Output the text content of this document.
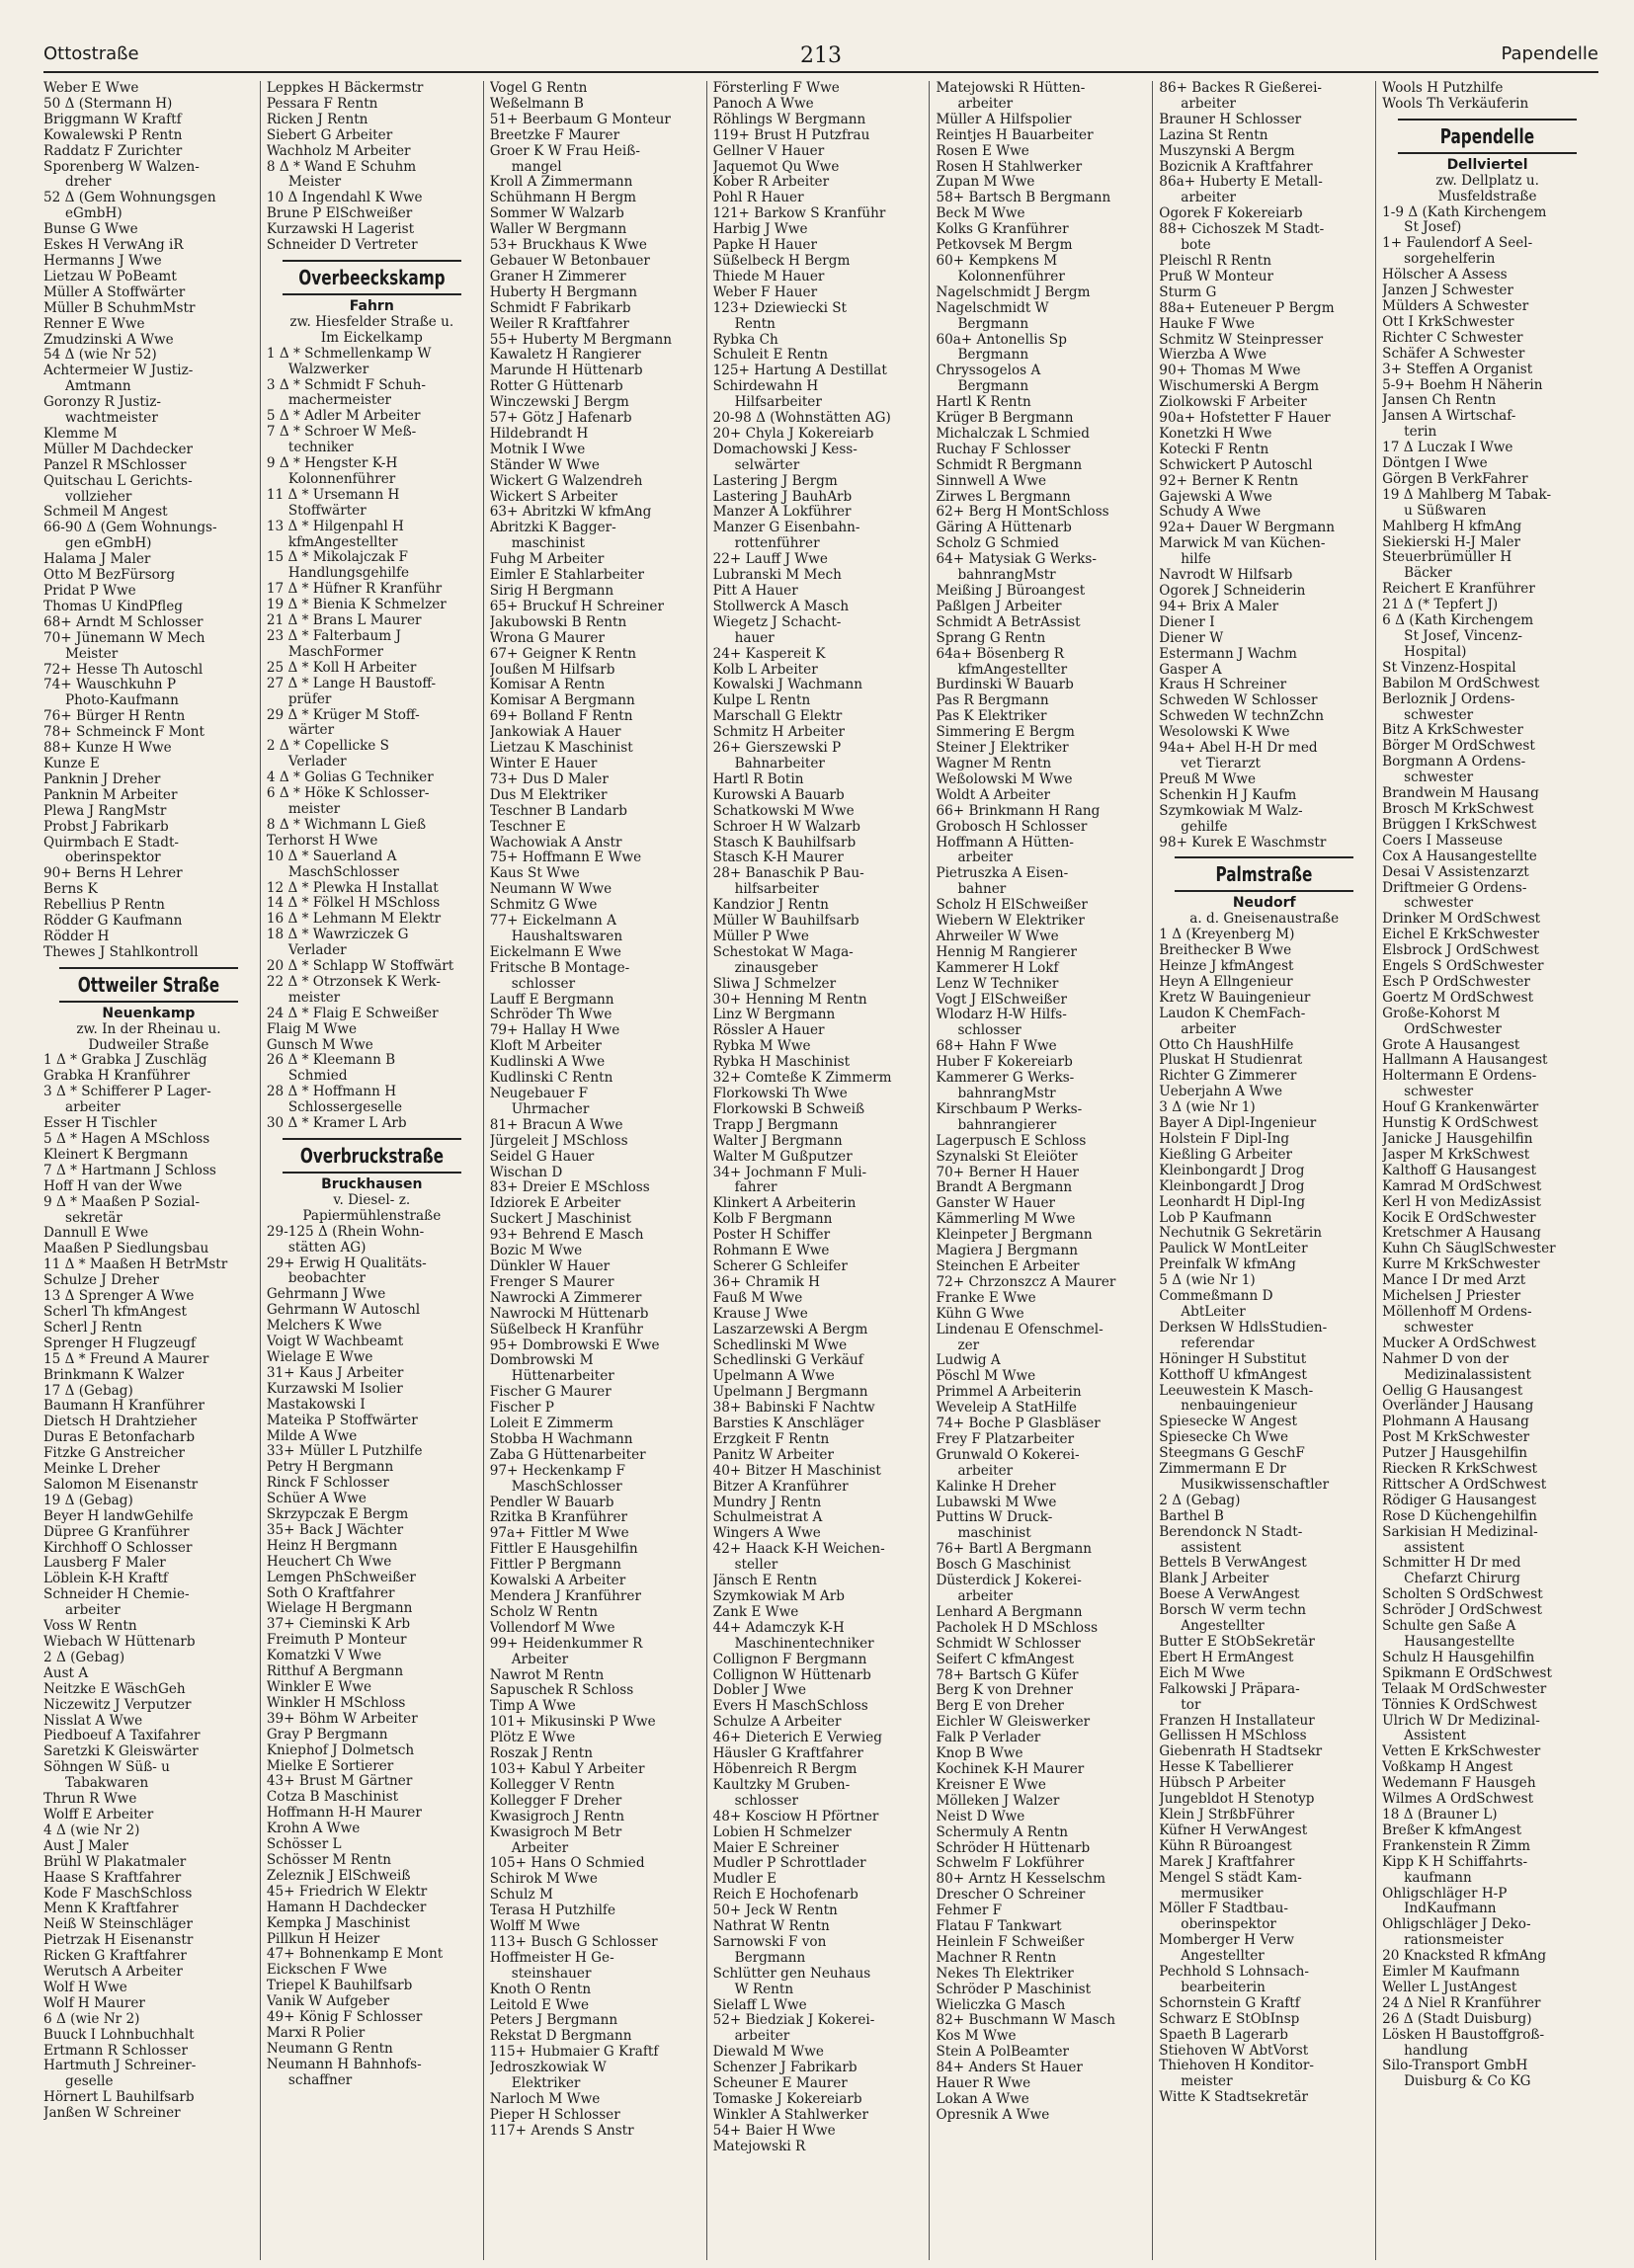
Ottostraße	213	Papendelle
Weber E Wwe
50 Δ (Stermann H)
Briggmann W Kraftf
Kowalewski P Rentn
Raddatz F Zurichter
Sporenberg W Walzen-
dreher
52 Δ (Gem Wohnungsgen
eGmbH)
Bunse G Wwe
Eskes H VerwAng iR
Hermanns J Wwe
Lietzau W PoBeamt
Müller A Stoffwärter
Müller B SchuhmMstr
Renner E Wwe
Zmudzinski A Wwe
54 Δ (wie Nr 52)
Achtermeier W Justiz-
Amtmann
Goronzy R Justiz-
wachtmeister
Klemme M
Müller M Dachdecker
Panzel R MSchlosser
Quitschau L Gerichts-
vollzieher
Schmeil M Angest
66-90 Δ (Gem Wohnungs-
gen eGmbH)
Halama J Maler
Otto M BezFürsorg
Pridat P Wwe
Thomas U KindPfleg
68+ Arndt M Schlosser
70+ Jünemann W Mech
Meister
72+ Hesse Th Autoschl
74+ Wauschkuhn P
Photo-Kaufmann
76+ Bürger H Rentn
78+ Schmeinck F Mont
88+ Kunze H Wwe
Kunze E
Panknin J Dreher
Panknin M Arbeiter
Plewa J RangMstr
Probst J Fabrikarb
Quirmbach E Stadt-
oberinspektor
90+ Berns H Lehrer
Berns K
Rebellius P Rentn
Rödder G Kaufmann
Rödder H
Thewes J Stahlkontroll
Ottweiler Straße
Neuenkamp
zw. In der Rheinau u.
Dudweiler Straße
1 Δ * Grabka J Zuschläg
Grabka H Kranführer
3 Δ * Schifferer P Lager-
arbeiter
Esser H Tischler
5 Δ * Hagen A MSchloss
Kleinert K Bergmann
7 Δ * Hartmann J Schloss
Hoff H van der Wwe
9 Δ * Maaßen P Sozial-
sekretär
Dannull E Wwe
Maaßen P Siedlungsbau
11 Δ * Maaßen H BetrMstr
Schulze J Dreher
13 Δ Sprenger A Wwe
Scherl Th kfmAngest
Scherl J Rentn
Sprenger H Flugzeugf
15 Δ * Freund A Maurer
Brinkmann K Walzer
17 Δ (Gebag)
Baumann H Kranführer
Dietsch H Drahtzieher
Duras E Betonfacharb
Fitzke G Anstreicher
Meinke L Dreher
Salomon M Eisenanstr
19 Δ (Gebag)
Beyer H landwGehilfe
Düpree G Kranführer
Kirchhoff O Schlosser
Lausberg F Maler
Löblein K-H Kraftf
Schneider H Chemie-
arbeiter
Voss W Rentn
Wiebach W Hüttenarb
2 Δ (Gebag)
Aust A
Neitzke E WäschGeh
Niczewitz J Verputzer
Nisslat A Wwe
Piedboeuf A Taxifahrer
Saretzki K Gleiswärter
Söhngen W Süß- u
Tabakwaren
Thrun R Wwe
Wolff E Arbeiter
4 Δ (wie Nr 2)
Aust J Maler
Brühl W Plakatmaler
Haase S Kraftfahrer
Kode F MaschSchloss
Menn K Kraftfahrer
Neiß W Steinschläger
Pietrzak H Eisenanstr
Ricken G Kraftfahrer
Werutsch A Arbeiter
Wolf H Wwe
Wolf H Maurer
6 Δ (wie Nr 2)
Buuck I Lohnbuchhalt
Ertmann R Schlosser
Hartmuth J Schreiner-
geselle
Hörnert L Bauhilfsarb
Janßen W Schreiner
Leppkes H Bäckermstr
Pessara F Rentn
Ricken J Rentn
Siebert G Arbeiter
Wachholz M Arbeiter
8 Δ * Wand E Schuhm
Meister
10 Δ Ingendahl K Wwe
Brune P ElSchweißer
Kurzawski H Lagerist
Schneider D Vertreter
Overbeeckskamp
Fahrn
zw. Hiesfelder Straße u.
Im Eickelkamp
1 Δ * Schmellenkamp W
Walzwerker
3 Δ * Schmidt F Schuh-
machermeister
5 Δ * Adler M Arbeiter
7 Δ * Schroer W Meß-
techniker
9 Δ * Hengster K-H
Kolonnenführer
11 Δ * Ursemann H
Stoffwärter
13 Δ * Hilgenpahl H
kfmAngestellter
15 Δ * Mikolajczak F
Handlungsgehilfe
17 Δ * Hüfner R Kranführ
19 Δ * Bienia K Schmelzer
21 Δ * Brans L Maurer
23 Δ * Falterbaum J
MaschFormer
25 Δ * Koll H Arbeiter
27 Δ * Lange H Baustoff-
prüfer
29 Δ * Krüger M Stoff-
wärter
2 Δ * Copellicke S
Verlader
4 Δ * Golias G Techniker
6 Δ * Höke K Schlosser-
meister
8 Δ * Wichmann L Gieß
Terhorst H Wwe
10 Δ * Sauerland A
MaschSchlosser
12 Δ * Plewka H Installat
14 Δ * Fölkel H MSchloss
16 Δ * Lehmann M Elektr
18 Δ * Wawrziczek G
Verlader
20 Δ * Schlapp W Stoffwärt
22 Δ * Otrzonsek K Werk-
meister
24 Δ * Flaig E Schweißer
Flaig M Wwe
Gunsch M Wwe
26 Δ * Kleemann B
Schmied
28 Δ * Hoffmann H
Schlossergeselle
30 Δ * Kramer L Arb
Overbruckstraße
Bruckhausen
v. Diesel- z.
Papiermühlenstraße
29-125 Δ (Rhein Wohn-
stätten AG)
29+ Erwig H Qualitäts-
beobachter
Gehrmann J Wwe
Gehrmann W Autoschl
Melchers K Wwe
Voigt W Wachbeamt
Wielage E Wwe
31+ Kaus J Arbeiter
Kurzawski M Isolier
Mastakowski I
Mateika P Stoffwärter
Milde A Wwe
33+ Müller L Putzhilfe
Petry H Bergmann
Rinck F Schlosser
Schüer A Wwe
Skrzypczak E Bergm
35+ Back J Wächter
Heinz H Bergmann
Heuchert Ch Wwe
Lemgen PhSchweißer
Soth O Kraftfahrer
Wielage H Bergmann
37+ Cieminski K Arb
Freimuth P Monteur
Komatzki V Wwe
Ritthuf A Bergmann
Winkler E Wwe
Winkler H MSchloss
39+ Böhm W Arbeiter
Gray P Bergmann
Kniephof J Dolmetsch
Mielke E Sortierer
43+ Brust M Gärtner
Cotza B Maschinist
Hoffmann H-H Maurer
Krohn A Wwe
Schösser L
Schösser M Rentn
Zeleznik J ElSchweiß
45+ Friedrich W Elektr
Hamann H Dachdecker
Kempka J Maschinist
Pillkun H Heizer
47+ Bohnenkamp E Mont
Eickschen F Wwe
Triepel K Bauhilfsarb
Vanik W Aufgeber
49+ König F Schlosser
Marxi R Polier
Neumann G Rentn
Neumann H Bahnhofs-
schaffner
Vogel G Rentn
Weßelmann B
51+ Beerbaum G Monteur
Breetzke F Maurer
Groer K W Frau Heiß-
mangel
Kroll A Zimmermann
Schühmann H Bergm
Sommer W Walzarb
Waller W Bergmann
53+ Bruckhaus K Wwe
Gebauer W Betonbauer
Graner H Zimmerer
Huberty H Bergmann
Schmidt F Fabrikarb
Weiler R Kraftfahrer
55+ Huberty M Bergmann
Kawaletz H Rangierer
Marunde H Hüttenarb
Rotter G Hüttenarb
Winczewski J Bergm
57+ Götz J Hafenarb
Hildebrandt H
Motnik I Wwe
Ständer W Wwe
Wickert G Walzendreh
Wickert S Arbeiter
63+ Abritzki W kfmAng
Abritzki K Bagger-
maschinist
Fuhg M Arbeiter
Eimler E Stahlarbeiter
Sirig H Bergmann
65+ Bruckuf H Schreiner
Jakubowski B Rentn
Wrona G Maurer
67+ Geigner K Rentn
Joußen M Hilfsarb
Komisar A Rentn
Komisar A Bergmann
69+ Bolland F Rentn
Jankowiak A Hauer
Lietzau K Maschinist
Winter E Hauer
73+ Dus D Maler
Dus M Elektriker
Teschner B Landarb
Teschner E
Wachowiak A Anstr
75+ Hoffmann E Wwe
Kaus St Wwe
Neumann W Wwe
Schmitz G Wwe
77+ Eickelmann A
Haushaltswaren
Eickelmann E Wwe
Fritsche B Montage-
schlosser
Lauff E Bergmann
Schröder Th Wwe
79+ Hallay H Wwe
Kloft M Arbeiter
Kudlinski A Wwe
Kudlinski C Rentn
Neugebauer F
Uhrmacher
81+ Bracun A Wwe
Jürgeleit J MSchloss
Seidel G Hauer
Wischan D
83+ Dreier E MSchloss
Idziorek E Arbeiter
Suckert J Maschinist
93+ Behrend E Masch
Bozic M Wwe
Dünkler W Hauer
Frenger S Maurer
Nawrocki A Zimmerer
Nawrocki M Hüttenarb
Süßelbeck H Kranführ
95+ Dombrowski E Wwe
Dombrowski M
Hüttenarbeiter
Fischer G Maurer
Fischer P
Loleit E Zimmerm
Stobba H Wachmann
Zaba G Hüttenarbeiter
97+ Heckenkamp F
MaschSchlosser
Pendler W Bauarb
Rzitka B Kranführer
97a+ Fittler M Wwe
Fittler E Hausgehilfin
Fittler P Bergmann
Kowalski A Arbeiter
Mendera J Kranführer
Scholz W Rentn
Vollendorf M Wwe
99+ Heidenkummer R
Arbeiter
Nawrot M Rentn
Sapuschek R Schloss
Timp A Wwe
101+ Mikusinski P Wwe
Plötz E Wwe
Roszak J Rentn
103+ Kabul Y Arbeiter
Kollegger V Rentn
Kollegger F Dreher
Kwasigroch J Rentn
Kwasigroch M Betr
Arbeiter
105+ Hans O Schmied
Schirok M Wwe
Schulz M
Terasa H Putzhilfe
Wolff M Wwe
113+ Busch G Schlosser
Hoffmeister H Ge-
steinshauer
Knoth O Rentn
Leitold E Wwe
Peters J Bergmann
Rekstat D Bergmann
115+ Hubmaier G Kraftf
Jedroszkowiak W
Elektriker
Narloch M Wwe
Pieper H Schlosser
117+ Arends S Anstr
Försterling F Wwe
Panoch A Wwe
Röhlings W Bergmann
119+ Brust H Putzfrau
Gellner V Hauer
Jaquemot Qu Wwe
Kober R Arbeiter
Pohl R Hauer
121+ Barkow S Kranführ
Harbig J Wwe
Papke H Hauer
Süßelbeck H Bergm
Thiede M Hauer
Weber F Hauer
123+ Dziewiecki St
Rentn
Rybka Ch
Schuleit E Rentn
125+ Hartung A Destillat
Schirdewahn H
Hilfsarbeiter
20-98 Δ (Wohnstätten AG)
20+ Chyla J Kokereiarb
Domachowski J Kess-
selwärter
Lastering J Bergm
Lastering J BauhArb
Manzer A Lokführer
Manzer G Eisenbahn-
rottenführer
22+ Lauff J Wwe
Lubranski M Mech
Pitt A Hauer
Stollwerck A Masch
Wiegetz J Schacht-
hauer
24+ Kaspereit K
Kolb L Arbeiter
Kowalski J Wachmann
Kulpe L Rentn
Marschall G Elektr
Schmitz H Arbeiter
26+ Gierszewski P
Bahnarbeiter
Hartl R Botin
Kurowski A Bauarb
Schatkowski M Wwe
Schroer H W Walzarb
Stasch K Bauhilfsarb
Stasch K-H Maurer
28+ Banaschik P Bau-
hilfsarbeiter
Kandzior J Rentn
Müller W Bauhilfsarb
Müller P Wwe
Schestokat W Maga-
zinausgeber
Sliwa J Schmelzer
30+ Henning M Rentn
Linz W Bergmann
Rössler A Hauer
Rybka M Wwe
Rybka H Maschinist
32+ Comteße K Zimmerm
Florkowski Th Wwe
Florkowski B Schweiß
Trapp J Bergmann
Walter J Bergmann
Walter M Gußputzer
34+ Jochmann F Muli-
fahrer
Klinkert A Arbeiterin
Kolb F Bergmann
Poster H Schiffer
Rohmann E Wwe
Scherer G Schleifer
36+ Chramik H
Fauß M Wwe
Krause J Wwe
Laszarzewski A Bergm
Schedlinski M Wwe
Schedlinski G Verkäuf
Upelmann A Wwe
Upelmann J Bergmann
38+ Babinski F Nachtw
Barsties K Anschläger
Erzgkeit F Rentn
Panitz W Arbeiter
40+ Bitzer H Maschinist
Bitzer A Kranführer
Mundry J Rentn
Schulmeistrat A
Wingers A Wwe
42+ Haack K-H Weichen-
steller
Jänsch E Rentn
Szymkowiak M Arb
Zank E Wwe
44+ Adamczyk K-H
Maschinentechniker
Collignon F Bergmann
Collignon W Hüttenarb
Dobler J Wwe
Evers H MaschSchloss
Schulze A Arbeiter
46+ Dieterich E Verwieg
Häusler G Kraftfahrer
Höbenreich R Bergm
Kaultzky M Gruben-
schlosser
48+ Kosciow H Pförtner
Lobien H Schmelzer
Maier E Schreiner
Mudler P Schrottlader
Mudler E
Reich E Hochofenarb
50+ Jeck W Rentn
Nathrat W Rentn
Sarnowski F von
Bergmann
Schlütter gen Neuhaus
W Rentn
Sielaff L Wwe
52+ Biedziak J Kokerei-
arbeiter
Diewald M Wwe
Schenzer J Fabrikarb
Scheuner E Maurer
Tomaske J Kokereiarb
Winkler A Stahlwerker
54+ Baier H Wwe
Matejowski R
Matejowski R Hütten-
arbeiter
Müller A Hilfspolier
Reintjes H Bauarbeiter
Rosen E Wwe
Rosen H Stahlwerker
Zupan M Wwe
58+ Bartsch B Bergmann
Beck M Wwe
Kolks G Kranführer
Petkovsek M Bergm
60+ Kempkens M
Kolonnenführer
Nagelschmidt J Bergm
Nagelschmidt W
Bergmann
60a+ Antonellis Sp
Bergmann
Chryssogelos A
Bergmann
Hartl K Rentn
Krüger B Bergmann
Michalczak L Schmied
Ruchay F Schlosser
Schmidt R Bergmann
Sinnwell A Wwe
Zirwes L Bergmann
62+ Berg H MontSchloss
Gäring A Hüttenarb
Scholz G Schmied
64+ Matysiak G Werks-
bahnrangMstr
Meißing J Büroangest
Paßlgen J Arbeiter
Schmidt A BetrAssist
Sprang G Rentn
64a+ Bösenberg R
kfmAngestellter
Burdinski W Bauarb
Pas R Bergmann
Pas K Elektriker
Simmering E Bergm
Steiner J Elektriker
Wagner M Rentn
Weßolowski M Wwe
Woldt A Arbeiter
66+ Brinkmann H Rang
Grobosch H Schlosser
Hoffmann A Hütten-
arbeiter
Pietruszka A Eisen-
bahner
Scholz H ElSchweißer
Wiebern W Elektriker
Ahrweiler W Wwe
Hennig M Rangierer
Kammerer H Lokf
Lenz W Techniker
Vogt J ElSchweißer
Wlodarz H-W Hilfs-
schlosser
68+ Hahn F Wwe
Huber F Kokereiarb
Kammerer G Werks-
bahnrangMstr
Kirschbaum P Werks-
bahnrangierer
Lagerpusch E Schloss
Szynalski St Eleiöter
70+ Berner H Hauer
Brandt A Bergmann
Ganster W Hauer
Kämmerling M Wwe
Kleinpeter J Bergmann
Magiera J Bergmann
Steinchen E Arbeiter
72+ Chrzonszcz A Maurer
Franke E Wwe
Kühn G Wwe
Lindenau E Ofenschmel-
zer
Ludwig A
Pöschl M Wwe
Primmel A Arbeiterin
Weveleip A StatHilfe
74+ Boche P Glasbläser
Frey F Platzarbeiter
Grunwald O Kokerei-
arbeiter
Kalinke H Dreher
Lubawski M Wwe
Puttins W Druck-
maschinist
76+ Bartl A Bergmann
Bosch G Maschinist
Düsterdick J Kokerei-
arbeiter
Lenhard A Bergmann
Pacholek H D MSchloss
Schmidt W Schlosser
Seifert C kfmAngest
78+ Bartsch G Küfer
Berg K von Drehner
Berg E von Dreher
Eichler W Gleiswerker
Falk P Verlader
Knop B Wwe
Kochinek K-H Maurer
Kreisner E Wwe
Mölleken J Walzer
Neist D Wwe
Schermuly A Rentn
Schröder H Hüttenarb
Schwelm F Lokführer
80+ Arntz H Kesselschm
Drescher O Schreiner
Fehmer F
Flatau F Tankwart
Heinlein F Schweißer
Machner R Rentn
Nekes Th Elektriker
Schröder P Maschinist
Wieliczka G Masch
82+ Buschmann W Masch
Kos M Wwe
Stein A PolBeamter
84+ Anders St Hauer
Hauer R Wwe
Lokan A Wwe
Opresnik A Wwe
86+ Backes R Gießerei-
arbeiter
Brauner H Schlosser
Lazina St Rentn
Muszynski A Bergm
Bozicnik A Kraftfahrer
86a+ Huberty E Metall-
arbeiter
Ogorek F Kokereiarb
88+ Cichoszek M Stadt-
bote
Pleischl R Rentn
Pruß W Monteur
Sturm G
88a+ Euteneuer P Bergm
Hauke F Wwe
Schmitz W Steinpresser
Wierzba A Wwe
90+ Thomas M Wwe
Wischumerski A Bergm
Ziolkowski F Arbeiter
90a+ Hofstetter F Hauer
Konetzki H Wwe
Kotecki F Rentn
Schwickert P Autoschl
92+ Berner K Rentn
Gajewski A Wwe
Schudy A Wwe
92a+ Dauer W Bergmann
Marwick M van Küchen-
hilfe
Navrodt W Hilfsarb
Ogorek J Schneiderin
94+ Brix A Maler
Diener I
Diener W
Estermann J Wachm
Gasper A
Kraus H Schreiner
Schweden W Schlosser
Schweden W technZchn
Wesolowski K Wwe
94a+ Abel H-H Dr med
vet Tierarzt
Preuß M Wwe
Schenkin H J Kaufm
Szymkowiak M Walz-
gehilfe
98+ Kurek E Waschmstr
Palmstraße
Neudorf
a. d. Gneisenaustraße
1 Δ (Kreyenberg M)
Breithecker B Wwe
Heinze J kfmAngest
Heyn A Ellngenieur
Kretz W Bauingenieur
Laudon K ChemFach-
arbeiter
Otto Ch HaushHilfe
Pluskat H Studienrat
Richter G Zimmerer
Ueberjahn A Wwe
3 Δ (wie Nr 1)
Bayer A Dipl-Ingenieur
Holstein F Dipl-Ing
Kießling G Arbeiter
Kleinbongardt J Drog
Kleinbongardt J Drog
Leonhardt H Dipl-Ing
Lob P Kaufmann
Nechutnik G Sekretärin
Paulick W MontLeiter
Preinfalk W kfmAng
5 Δ (wie Nr 1)
Commeßmann D
AbtLeiter
Derksen W HdlsStudien-
referendar
Höninger H Substitut
Kotthoff U kfmAngest
Leeuwestein K Masch-
nenbauingenieur
Spiesecke W Angest
Spiesecke Ch Wwe
Steegmans G GeschF
Zimmermann E Dr
Musikwissenschaftler
2 Δ (Gebag)
Barthel B
Berendonck N Stadt-
assistent
Bettels B VerwAngest
Blank J Arbeiter
Boese A VerwAngest
Borsch W verm techn
Angestellter
Butter E StObSekretär
Ebert H ErmAngest
Eich M Wwe
Falkowski J Präpara-
tor
Franzen H Installateur
Gellissen H MSchloss
Giebenrath H Stadtsekr
Hesse K Tabellierer
Hübsch P Arbeiter
Jungebldot H Stenotyp
Klein J StrßbFührer
Küfner H VerwAngest
Kühn R Büroangest
Marek J Kraftfahrer
Mengel S städt Kam-
mermusiker
Möller F Stadtbau-
oberinspektor
Momberger H Verw
Angestellter
Pechhold S Lohnsach-
bearbeiterin
Schornstein G Kraftf
Schwarz E StObInsp
Spaeth B Lagerarb
Stiehoven W AbtVorst
Thiehoven H Konditor-
meister
Witte K Stadtsekretär
Wools H Putzhilfe
Wools Th Verkäuferin
Papendelle
Dellviertel
zw. Dellplatz u.
Musfeldstraße
1-9 Δ (Kath Kirchengem
St Josef)
1+ Faulendorf A Seel-
sorgehelferin
Hölscher A Assess
Janzen J Schwester
Mülders A Schwester
Ott I KrkSchwester
Richter C Schwester
Schäfer A Schwester
3+ Steffen A Organist
5-9+ Boehm H Näherin
Jansen Ch Rentn
Jansen A Wirtschaf-
terin
17 Δ Luczak I Wwe
Döntgen I Wwe
Görgen B VerkFahrer
19 Δ Mahlberg M Tabak-
u Süßwaren
Mahlberg H kfmAng
Siekierski H-J Maler
Steuerbrümüller H
Bäcker
Reichert E Kranführer
21 Δ (* Tepfert J)
6 Δ (Kath Kirchengem
St Josef, Vincenz-
Hospital)
St Vinzenz-Hospital
Babilon M OrdSchwest
Berloznik J Ordens-
schwester
Bitz A KrkSchwester
Börger M OrdSchwest
Borgmann A Ordens-
schwester
Brandwein M Hausang
Brosch M KrkSchwest
Brüggen I KrkSchwest
Coers I Masseuse
Cox A Hausangestellte
Desai V Assistenzarzt
Driftmeier G Ordens-
schwester
Drinker M OrdSchwest
Eichel E KrkSchwester
Elsbrock J OrdSchwest
Engels S OrdSchwester
Esch P OrdSchwester
Goertz M OrdSchwest
Große-Kohorst M
OrdSchwester
Grote A Hausangest
Hallmann A Hausangest
Holtermann E Ordens-
schwester
Houf G Krankenwärter
Hunstig K OrdSchwest
Janicke J Hausgehilfin
Jasper M KrkSchwest
Kalthoff G Hausangest
Kamrad M OrdSchwest
Kerl H von MedizAssist
Kocik E OrdSchwester
Kretschmer A Hausang
Kuhn Ch SäuglSchwester
Kurre M KrkSchwester
Mance I Dr med Arzt
Michelsen J Priester
Möllenhoff M Ordens-
schwester
Mucker A OrdSchwest
Nahmer D von der
Medizinalassistent
Oellig G Hausangest
Overländer J Hausang
Plohmann A Hausang
Post M KrkSchwester
Putzer J Hausgehilfin
Riecken R KrkSchwest
Rittscher A OrdSchwest
Rödiger G Hausangest
Rose D Küchengehilfin
Sarkisian H Medizinal-
assistent
Schmitter H Dr med
Chefarzt Chirurg
Scholten S OrdSchwest
Schröder J OrdSchwest
Schulte gen Saße A
Hausangestellte
Schulz H Hausgehilfin
Spikmann E OrdSchwest
Telaak M OrdSchwester
Tönnies K OrdSchwest
Ulrich W Dr Medizinal-
Assistent
Vetten E KrkSchwester
Voßkamp H Angest
Wedemann F Hausgeh
Wilmes A OrdSchwest
18 Δ (Brauner L)
Breßer K kfmAngest
Frankenstein R Zimm
Kipp K H Schiffahrts-
kaufmann
Ohligschläger H-P
IndKaufmann
Ohligschläger J Deko-
rationsmeister
20 Knacksted R kfmAng
Eimler M Kaufmann
Weller L JustAngest
24 Δ Niel R Kranführer
26 Δ (Stadt Duisburg)
Lösken H Baustoffgroß-
handlung
Silo-Transport GmbH
Duisburg & Co KG
